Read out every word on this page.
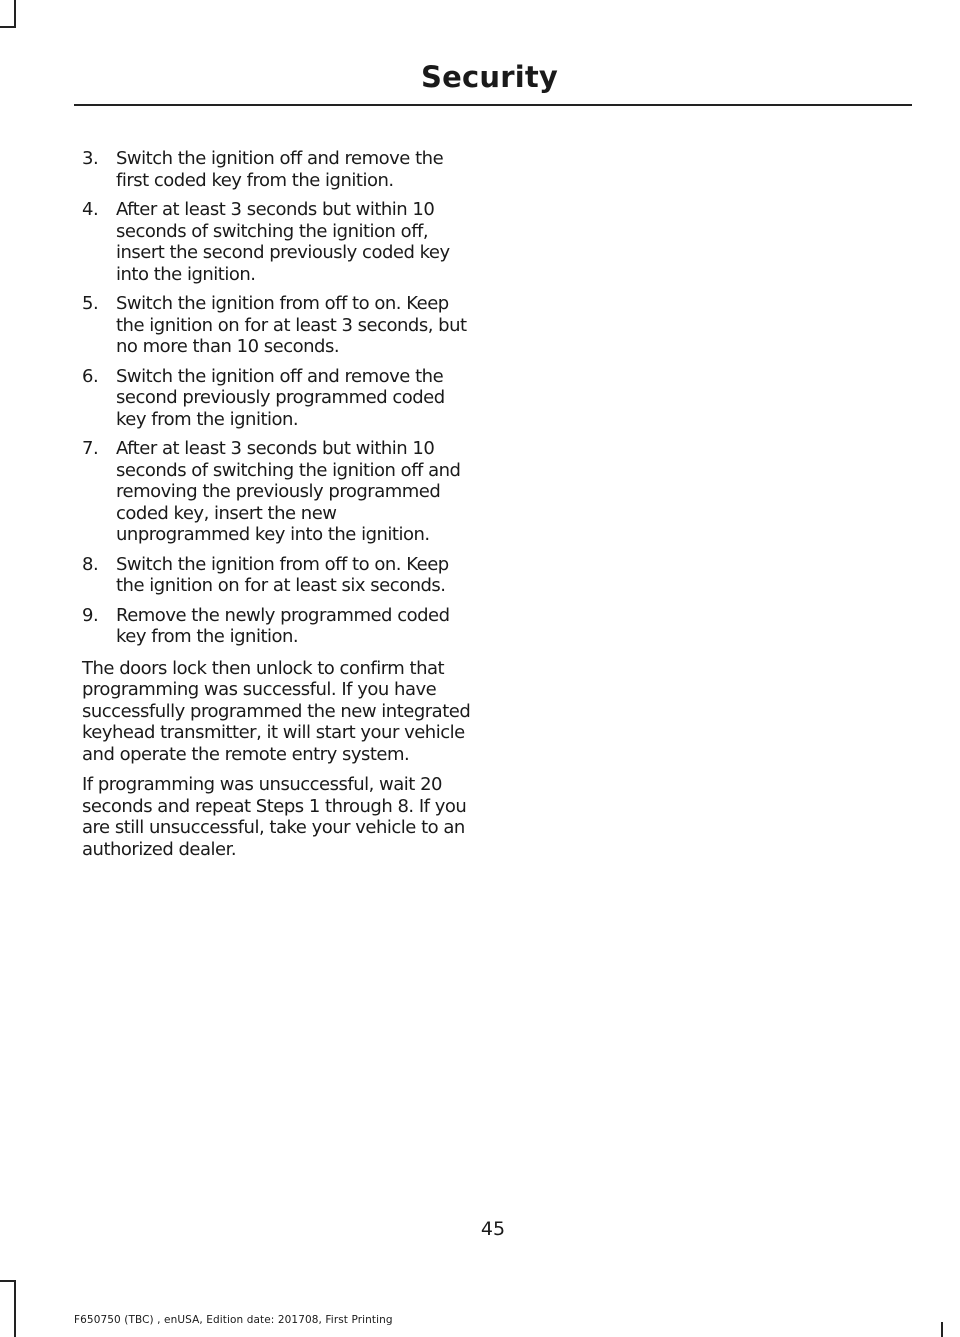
Security
3. Switch the ignition off and remove the first coded key from the ignition.
4. After at least 3 seconds but within 10 seconds of switching the ignition off, insert the second previously coded key into the ignition.
5. Switch the ignition from off to on. Keep the ignition on for at least 3 seconds, but no more than 10 seconds.
6. Switch the ignition off and remove the second previously programmed coded key from the ignition.
7. After at least 3 seconds but within 10 seconds of switching the ignition off and removing the previously programmed coded key, insert the new unprogrammed key into the ignition.
8. Switch the ignition from off to on. Keep the ignition on for at least six seconds.
9. Remove the newly programmed coded key from the ignition.

The doors lock then unlock to confirm that programming was successful. If you have successfully programmed the new integrated keyhead transmitter, it will start your vehicle and operate the remote entry system.

If programming was unsuccessful, wait 20 seconds and repeat Steps 1 through 8. If you are still unsuccessful, take your vehicle to an authorized dealer.

45
F650750 (TBC) , enUSA, Edition date: 201708, First Printing
